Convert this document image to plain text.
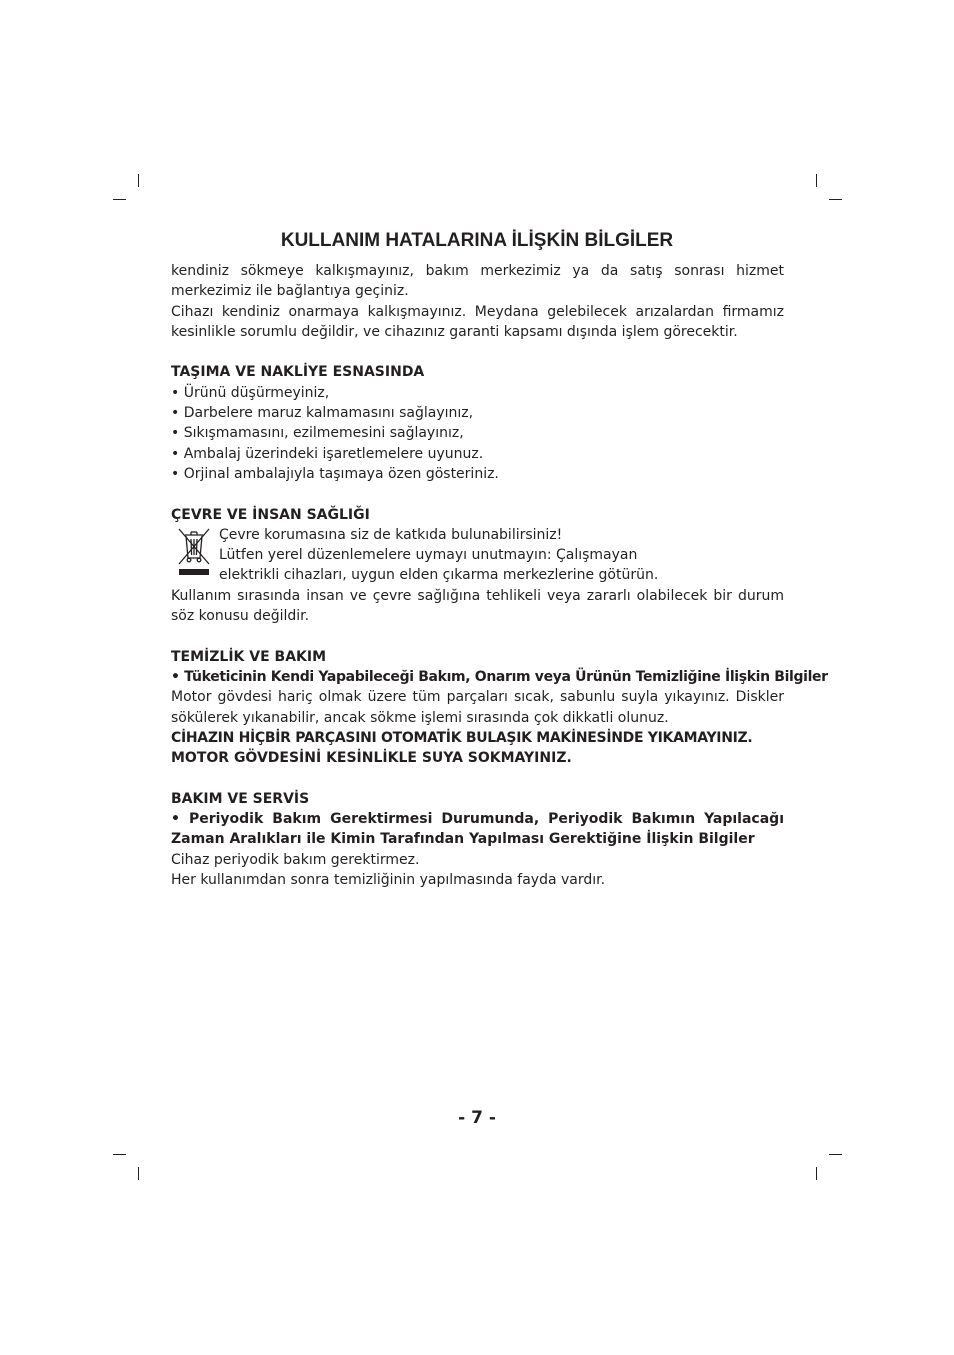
KULLANIM HATALARINA İLİŞKİN BİLGİLER

kendiniz sökmeye kalkışmayınız, bakım merkezimiz ya da satış sonrası hizmet merkezimiz ile bağlantıya geçiniz.

Cihazı kendiniz onarmaya kalkışmayınız. Meydana gelebilecek arızalardan firmamız kesinlikle sorumlu değildir, ve cihazınız garanti kapsamı dışında işlem görecektir.

TAŞIMA VE NAKLİYE ESNASINDA

• Ürünü düşürmeyiniz,

• Darbelere maruz kalmamasını sağlayınız,

• Sıkışmamasını, ezilmemesini sağlayınız,

• Ambalaj üzerindeki işaretlemelere uyunuz.

• Orjinal ambalajıyla taşımaya özen gösteriniz.

ÇEVRE VE İNSAN SAĞLIĞI

Çevre korumasına siz de katkıda bulunabilirsiniz!

Lütfen yerel düzenlemelere uymayı unutmayın: Çalışmayan

elektrikli cihazları, uygun elden çıkarma merkezlerine götürün.

Kullanım sırasında insan ve çevre sağlığına tehlikeli veya zararlı olabilecek bir durum söz konusu değildir.

TEMİZLİK VE BAKIM

• Tüketicinin Kendi Yapabileceği Bakım, Onarım veya Ürünün Temizliğine İlişkin Bilgiler

Motor gövdesi hariç olmak üzere tüm parçaları sıcak, sabunlu suyla yıkayınız. Diskler sökülerek yıkanabilir, ancak sökme işlemi sırasında çok dikkatli olunuz.

CİHAZIN HİÇBİR PARÇASINI OTOMATİK BULAŞIK MAKİNESİNDE YIKAMAYINIZ.

MOTOR GÖVDESİNİ KESİNLİKLE SUYA SOKMAYINIZ.

BAKIM VE SERVİS

• Periyodik Bakım Gerektirmesi Durumunda, Periyodik Bakımın Yapılacağı Zaman Aralıkları ile Kimin Tarafından Yapılması Gerektiğine İlişkin Bilgiler

Cihaz periyodik bakım gerektirmez.

Her kullanımdan sonra temizliğinin yapılmasında fayda vardır.

- 7 -
